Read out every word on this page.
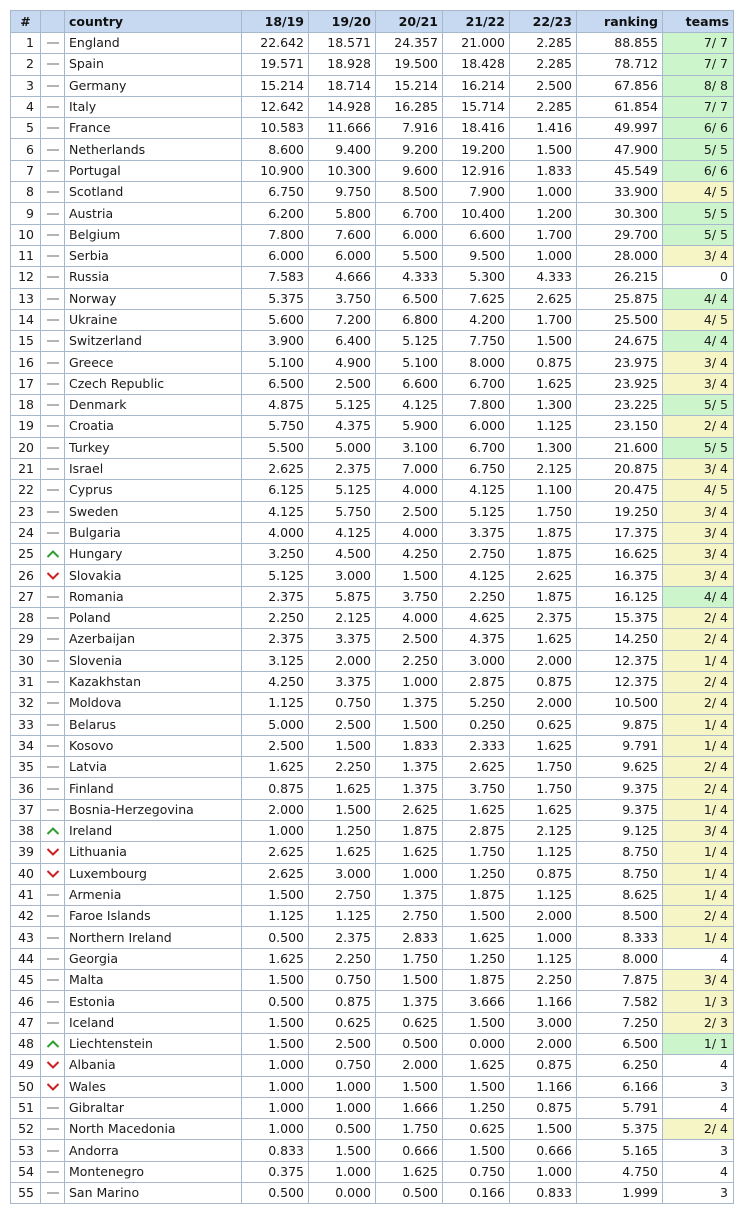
#		country	18/19	19/20	20/21	21/22	22/23	ranking	teams
1		England	22.642	18.571	24.357	21.000	2.285	88.855	7/ 7
2		Spain	19.571	18.928	19.500	18.428	2.285	78.712	7/ 7
3		Germany	15.214	18.714	15.214	16.214	2.500	67.856	8/ 8
4		Italy	12.642	14.928	16.285	15.714	2.285	61.854	7/ 7
5		France	10.583	11.666	7.916	18.416	1.416	49.997	6/ 6
6		Netherlands	8.600	9.400	9.200	19.200	1.500	47.900	5/ 5
7		Portugal	10.900	10.300	9.600	12.916	1.833	45.549	6/ 6
8		Scotland	6.750	9.750	8.500	7.900	1.000	33.900	4/ 5
9		Austria	6.200	5.800	6.700	10.400	1.200	30.300	5/ 5
10		Belgium	7.800	7.600	6.000	6.600	1.700	29.700	5/ 5
11		Serbia	6.000	6.000	5.500	9.500	1.000	28.000	3/ 4
12		Russia	7.583	4.666	4.333	5.300	4.333	26.215	0
13		Norway	5.375	3.750	6.500	7.625	2.625	25.875	4/ 4
14		Ukraine	5.600	7.200	6.800	4.200	1.700	25.500	4/ 5
15		Switzerland	3.900	6.400	5.125	7.750	1.500	24.675	4/ 4
16		Greece	5.100	4.900	5.100	8.000	0.875	23.975	3/ 4
17		Czech Republic	6.500	2.500	6.600	6.700	1.625	23.925	3/ 4
18		Denmark	4.875	5.125	4.125	7.800	1.300	23.225	5/ 5
19		Croatia	5.750	4.375	5.900	6.000	1.125	23.150	2/ 4
20		Turkey	5.500	5.000	3.100	6.700	1.300	21.600	5/ 5
21		Israel	2.625	2.375	7.000	6.750	2.125	20.875	3/ 4
22		Cyprus	6.125	5.125	4.000	4.125	1.100	20.475	4/ 5
23		Sweden	4.125	5.750	2.500	5.125	1.750	19.250	3/ 4
24		Bulgaria	4.000	4.125	4.000	3.375	1.875	17.375	3/ 4
25		Hungary	3.250	4.500	4.250	2.750	1.875	16.625	3/ 4
26		Slovakia	5.125	3.000	1.500	4.125	2.625	16.375	3/ 4
27		Romania	2.375	5.875	3.750	2.250	1.875	16.125	4/ 4
28		Poland	2.250	2.125	4.000	4.625	2.375	15.375	2/ 4
29		Azerbaijan	2.375	3.375	2.500	4.375	1.625	14.250	2/ 4
30		Slovenia	3.125	2.000	2.250	3.000	2.000	12.375	1/ 4
31		Kazakhstan	4.250	3.375	1.000	2.875	0.875	12.375	2/ 4
32		Moldova	1.125	0.750	1.375	5.250	2.000	10.500	2/ 4
33		Belarus	5.000	2.500	1.500	0.250	0.625	9.875	1/ 4
34		Kosovo	2.500	1.500	1.833	2.333	1.625	9.791	1/ 4
35		Latvia	1.625	2.250	1.375	2.625	1.750	9.625	2/ 4
36		Finland	0.875	1.625	1.375	3.750	1.750	9.375	2/ 4
37		Bosnia-Herzegovina	2.000	1.500	2.625	1.625	1.625	9.375	1/ 4
38		Ireland	1.000	1.250	1.875	2.875	2.125	9.125	3/ 4
39		Lithuania	2.625	1.625	1.625	1.750	1.125	8.750	1/ 4
40		Luxembourg	2.625	3.000	1.000	1.250	0.875	8.750	1/ 4
41		Armenia	1.500	2.750	1.375	1.875	1.125	8.625	1/ 4
42		Faroe Islands	1.125	1.125	2.750	1.500	2.000	8.500	2/ 4
43		Northern Ireland	0.500	2.375	2.833	1.625	1.000	8.333	1/ 4
44		Georgia	1.625	2.250	1.750	1.250	1.125	8.000	4
45		Malta	1.500	0.750	1.500	1.875	2.250	7.875	3/ 4
46		Estonia	0.500	0.875	1.375	3.666	1.166	7.582	1/ 3
47		Iceland	1.500	0.625	0.625	1.500	3.000	7.250	2/ 3
48		Liechtenstein	1.500	2.500	0.500	0.000	2.000	6.500	1/ 1
49		Albania	1.000	0.750	2.000	1.625	0.875	6.250	4
50		Wales	1.000	1.000	1.500	1.500	1.166	6.166	3
51		Gibraltar	1.000	1.000	1.666	1.250	0.875	5.791	4
52		North Macedonia	1.000	0.500	1.750	0.625	1.500	5.375	2/ 4
53		Andorra	0.833	1.500	0.666	1.500	0.666	5.165	3
54		Montenegro	0.375	1.000	1.625	0.750	1.000	4.750	4
55		San Marino	0.500	0.000	0.500	0.166	0.833	1.999	3
